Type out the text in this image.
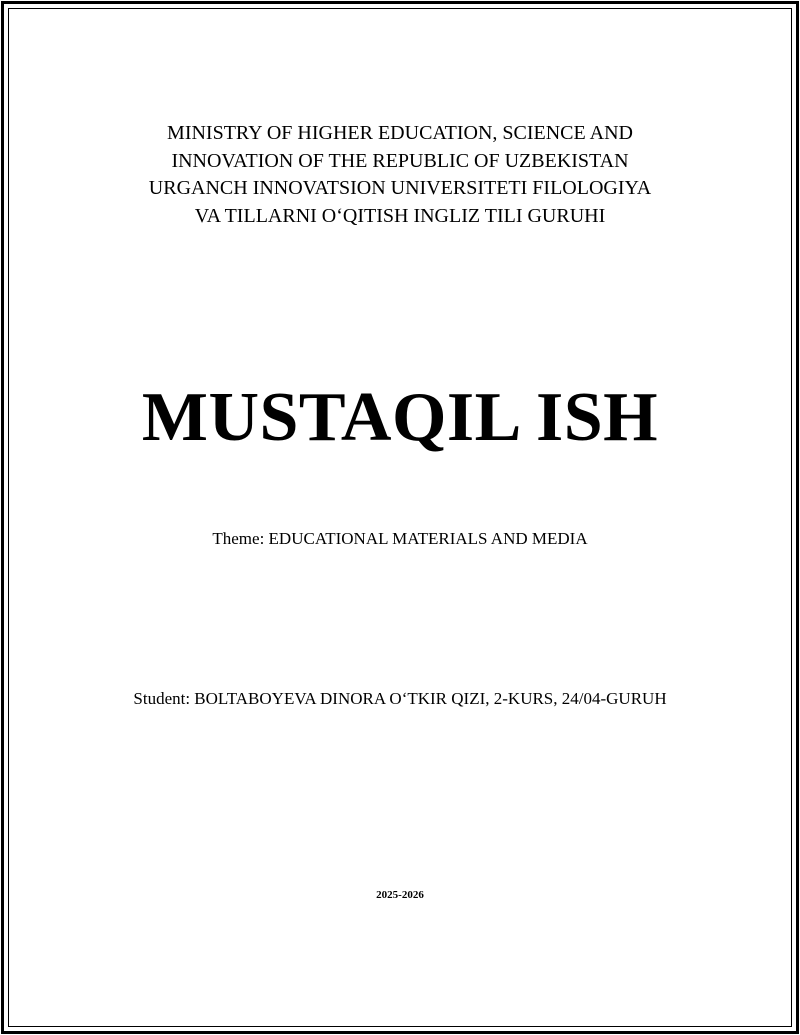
MINISTRY OF HIGHER EDUCATION, SCIENCE AND
INNOVATION OF THE REPUBLIC OF UZBEKISTAN
URGANCH INNOVATSION UNIVERSITETI FILOLOGIYA
VA TILLARNI O‘QITISH INGLIZ TILI GURUHI
MUSTAQIL ISH
Theme: EDUCATIONAL MATERIALS AND MEDIA
Student: BOLTABOYEVA DINORA O‘TKIR QIZI, 2-KURS, 24/04-GURUH
2025-2026
